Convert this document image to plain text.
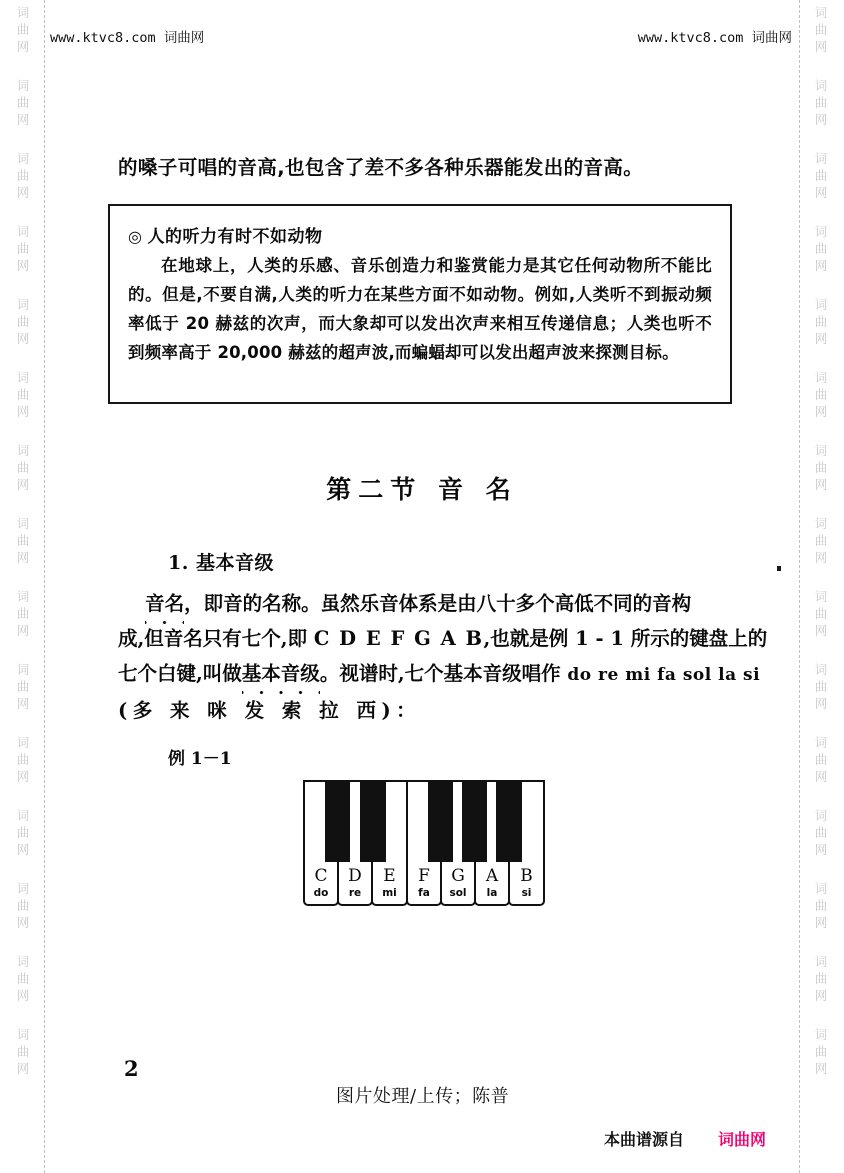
词
曲
网
词
曲
网
词
曲
网
词
曲
网
词
曲
网
词
曲
网
词
曲
网
词
曲
网
词
曲
网
词
曲
网
词
曲
网
词
曲
网
词
曲
网
词
曲
网
词
曲
网
词
曲
网
词
曲
网
词
曲
网
词
曲
网
词
曲
网
词
曲
网
词
曲
网
词
曲
网
词
曲
网
词
曲
网
词
曲
网
词
曲
网
词
曲
网
词
曲
网
词
曲
网
www.ktvc8.com 词曲网	www.ktvc8.com 词曲网
的嗓子可唱的音高,也包含了差不多各种乐器能发出的音高。
◎ 人的听力有时不如动物
在地球上，人类的乐感、音乐创造力和鉴赏能力是其它任何动物所不能比的。但是,不要自满,人类的听力在某些方面不如动物。例如,人类听不到振动频率低于 20 赫兹的次声，而大象却可以发出次声来相互传递信息；人类也听不到频率高于 20,000 赫兹的超声波,而蝙蝠却可以发出超声波来探测目标。
第二节 音 名
1. 基本音级
音名，即音的名称。虽然乐音体系是由八十多个高低不同的音构
成,但音名只有七个,即 C D E F G A B,也就是例 1 - 1 所示的键盘上的
七个白键,叫做基本音级。视谱时,七个基本音级唱作 do re mi fa sol la si
(多 来 咪 发 索 拉 西)：
例 1－1
C
do
D
re
E
mi
F
fa
G
sol
A
la
B
si
2
图片处理/上传；陈普
本曲谱源自 词曲网
